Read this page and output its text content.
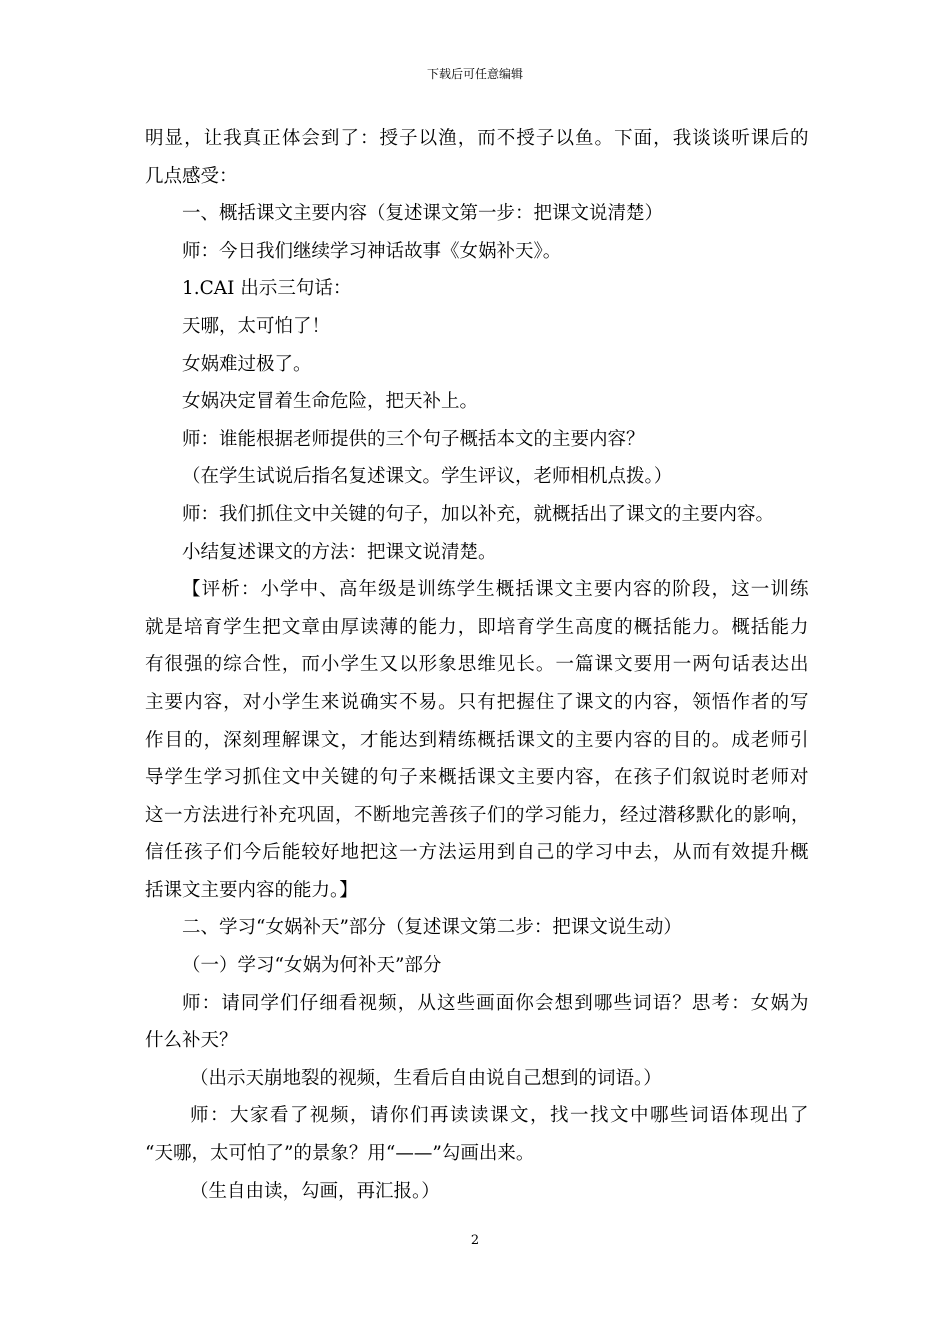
下载后可任意编辑
明显，让我真正体会到了：授子以渔，而不授子以鱼。下面，我谈谈听课后的
几点感受：
一、概括课文主要内容（复述课文第一步：把课文说清楚）
师：今日我们继续学习神话故事《女娲补天》。
1.CAI 出示三句话：
天哪，太可怕了！
女娲难过极了。
女娲决定冒着生命危险，把天补上。
师：谁能根据老师提供的三个句子概括本文的主要内容？
（在学生试说后指名复述课文。学生评议，老师相机点拨。）
师：我们抓住文中关键的句子，加以补充，就概括出了课文的主要内容。
小结复述课文的方法：把课文说清楚。
【评析：小学中、高年级是训练学生概括课文主要内容的阶段，这一训练
就是培育学生把文章由厚读薄的能力，即培育学生高度的概括能力。概括能力
有很强的综合性，而小学生又以形象思维见长。一篇课文要用一两句话表达出
主要内容，对小学生来说确实不易。只有把握住了课文的内容，领悟作者的写
作目的，深刻理解课文，才能达到精练概括课文的主要内容的目的。成老师引
导学生学习抓住文中关键的句子来概括课文主要内容，在孩子们叙说时老师对
这一方法进行补充巩固，不断地完善孩子们的学习能力，经过潜移默化的影响，
信任孩子们今后能较好地把这一方法运用到自己的学习中去，从而有效提升概
括课文主要内容的能力。】
二、学习“女娲补天”部分（复述课文第二步：把课文说生动）
（一）学习“女娲为何补天”部分
师：请同学们仔细看视频，从这些画面你会想到哪些词语？思考：女娲为
什么补天？
（出示天崩地裂的视频，生看后自由说自己想到的词语。）
师：大家看了视频，请你们再读读课文，找一找文中哪些词语体现出了
“天哪，太可怕了”的景象？用“——”勾画出来。
（生自由读，勾画，再汇报。）
2
